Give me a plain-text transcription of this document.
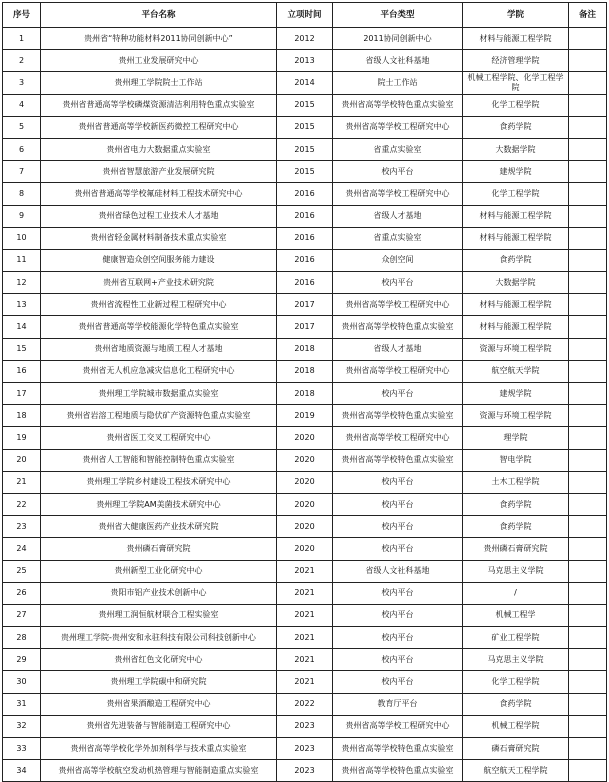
序号	平台名称	立项时间	平台类型	学院	备注
1	贵州省“特种功能材料2011协同创新中心”	2012	2011协同创新中心	材料与能源工程学院	
2	贵州工业发展研究中心	2013	省级人文社科基地	经济管理学院	
3	贵州理工学院院士工作站	2014	院士工作站	机械工程学院、化学工程学院	
4	贵州省普通高等学校磷煤资源清洁利用特色重点实验室	2015	贵州省高等学校特色重点实验室	化学工程学院	
5	贵州省普通高等学校新医药微控工程研究中心	2015	贵州省高等学校工程研究中心	食药学院	
6	贵州省电力大数据重点实验室	2015	省重点实验室	大数据学院	
7	贵州省智慧旅游产业发展研究院	2015	校内平台	建规学院	
8	贵州省普通高等学校氟硅材料工程技术研究中心	2016	贵州省高等学校工程研究中心	化学工程学院	
9	贵州省绿色过程工业技术人才基地	2016	省级人才基地	材料与能源工程学院	
10	贵州省轻金属材料制备技术重点实验室	2016	省重点实验室	材料与能源工程学院	
11	健康智造众创空间服务能力建设	2016	众创空间	食药学院	
12	贵州省互联网+产业技术研究院	2016	校内平台	大数据学院	
13	贵州省流程性工业新过程工程研究中心	2017	贵州省高等学校工程研究中心	材料与能源工程学院	
14	贵州省普通高等学校能源化学特色重点实验室	2017	贵州省高等学校特色重点实验室	材料与能源工程学院	
15	贵州省地质资源与地质工程人才基地	2018	省级人才基地	资源与环境工程学院	
16	贵州省无人机应急减灾信息化工程研究中心	2018	贵州省高等学校工程研究中心	航空航天学院	
17	贵州理工学院城市数据重点实验室	2018	校内平台	建规学院	
18	贵州省岩溶工程地质与隐伏矿产资源特色重点实验室	2019	贵州省高等学校特色重点实验室	资源与环境工程学院	
19	贵州省医工交叉工程研究中心	2020	贵州省高等学校工程研究中心	理学院	
20	贵州省人工智能和智能控制特色重点实验室	2020	贵州省高等学校特色重点实验室	智电学院	
21	贵州理工学院乡村建设工程技术研究中心	2020	校内平台	土木工程学院	
22	贵州理工学院AM美菌技术研究中心	2020	校内平台	食药学院	
23	贵州省大健康医药产业技术研究院	2020	校内平台	食药学院	
24	贵州磷石膏研究院	2020	校内平台	贵州磷石膏研究院	
25	贵州新型工业化研究中心	2021	省级人文社科基地	马克思主义学院	
26	贵阳市铝产业技术创新中心	2021	校内平台	/	
27	贵州理工润恒航材联合工程实验室	2021	校内平台	机械工程学	
28	贵州理工学院-贵州安和永驻科技有限公司科技创新中心	2021	校内平台	矿业工程学院	
29	贵州省红色文化研究中心	2021	校内平台	马克思主义学院	
30	贵州理工学院碳中和研究院	2021	校内平台	化学工程学院	
31	贵州省果酒酿造工程研究中心	2022	教育厅平台	食药学院	
32	贵州省先进装备与智能制造工程研究中心	2023	贵州省高等学校工程研究中心	机械工程学院	
33	贵州省高等学校化学外加剂科学与技术重点实验室	2023	贵州省高等学校特色重点实验室	磷石膏研究院	
34	贵州省高等学校航空发动机热管理与智能制造重点实验室	2023	贵州省高等学校特色重点实验室	航空航天工程学院	
